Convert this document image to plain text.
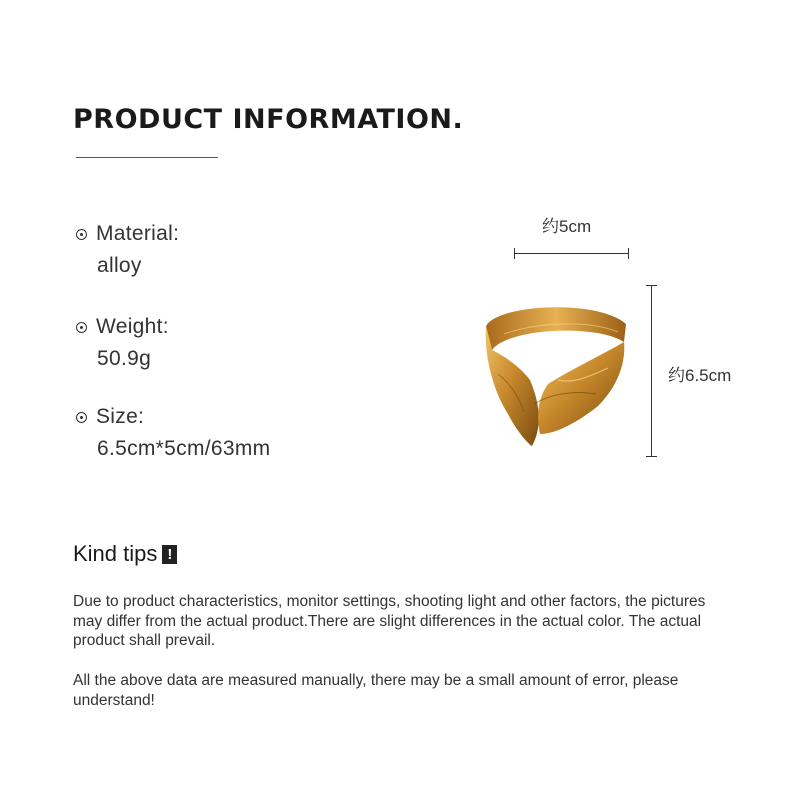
PRODUCT INFORMATION.
Material:
alloy
Weight:
50.9g
Size:
6.5cm*5cm/63mm
约5cm
约6.5cm
Kind tips !

Due to product characteristics, monitor settings, shooting light and other factors, the pictures may differ from the actual product.There are slight differences in the actual color. The actual product shall prevail.

All the above data are measured manually, there may be a small amount of error, please understand!
